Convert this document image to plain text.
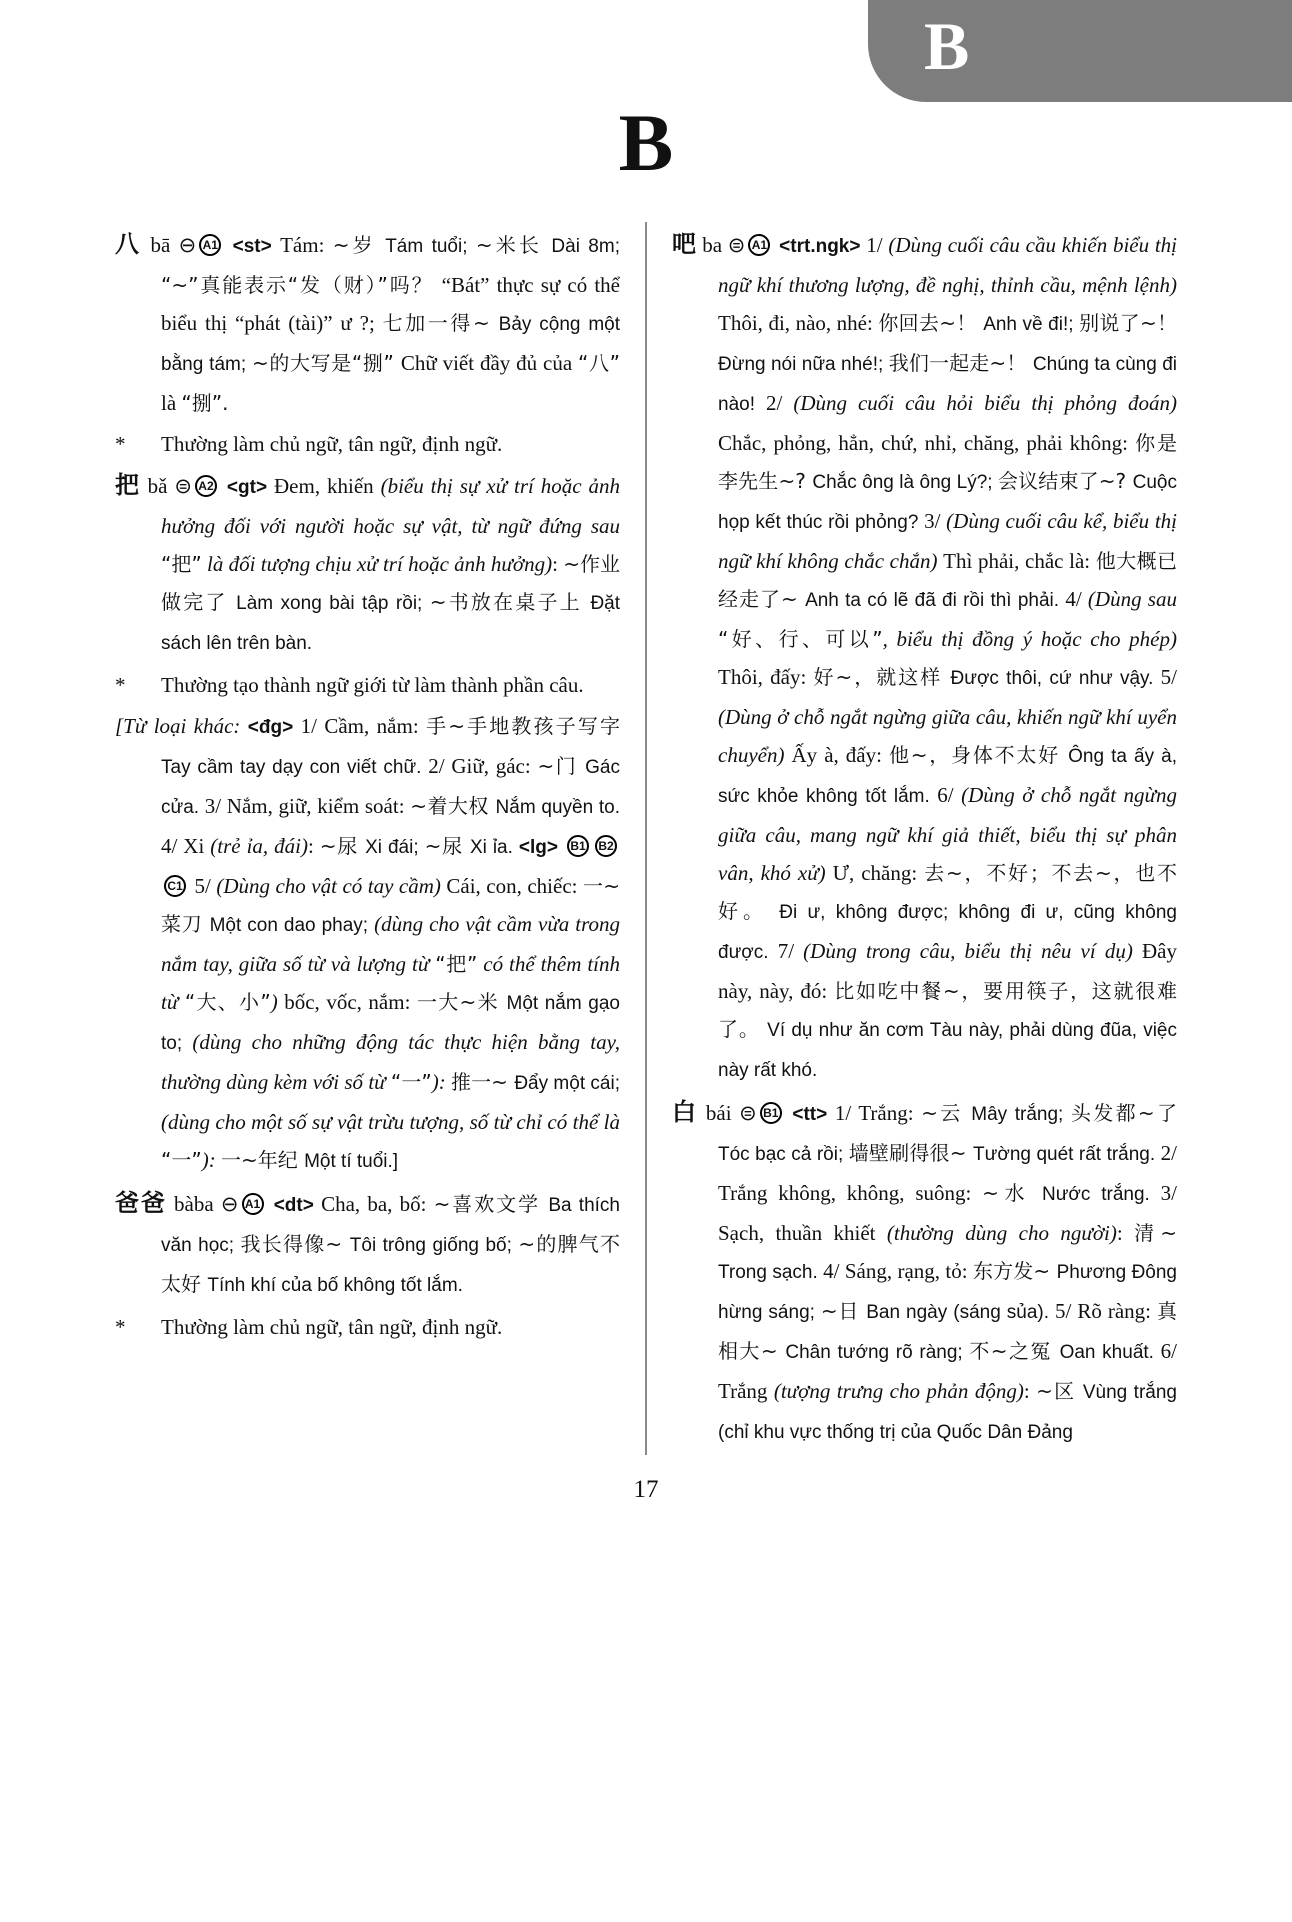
B
B
八 bā ⊖ A1 <st> Tám: ~岁 Tám tuổi; ~米长 Dài 8m; “~”真能表示“发（财）”吗？ “Bát” thực sự có thể biểu thị “phát (tài)” ư ?; 七加一得~ Bảy cộng một bằng tám; ~的大写是“捌” Chữ viết đầy đủ của “八” là “捌”.
* Thường làm chủ ngữ, tân ngữ, định ngữ.
把 bǎ ⊜ A2 <gt> Đem, khiến (biểu thị sự xử trí hoặc ảnh hưởng đối với người hoặc sự vật, từ ngữ đứng sau “把” là đối tượng chịu xử trí hoặc ảnh hưởng): ~作业做完了 Làm xong bài tập rồi; ~书放在桌子上 Đặt sách lên trên bàn.
* Thường tạo thành ngữ giới từ làm thành phần câu.
[Từ loại khác: <đg> 1/ Cầm, nắm: 手~手地教孩子写字 Tay cầm tay dạy con viết chữ. 2/ Giữ, gác: ~门 Gác cửa. 3/ Nắm, giữ, kiểm soát: ~着大权 Nắm quyền to. 4/ Xi (trẻ ỉa, đái): ~尿 Xi đái; ~尿 Xi ỉa. <lg> B1 B2C1 5/ (Dùng cho vật có tay cầm) Cái, con, chiếc: 一~菜刀 Một con dao phay; (dùng cho vật cầm vừa trong nắm tay, giữa số từ và lượng từ “把” có thể thêm tính từ “大、小”) bốc, vốc, nắm: 一大~米 Một nắm gạo to; (dùng cho những động tác thực hiện bằng tay, thường dùng kèm với số từ “一”): 推一~ Đẩy một cái; (dùng cho một số sự vật trừu tượng, số từ chỉ có thể là “一”): 一~年纪 Một tí tuổi.]
爸爸 bàba ⊖ A1 <dt> Cha, ba, bố: ~喜欢文学 Ba thích văn học; 我长得像~ Tôi trông giống bố; ~的脾气不太好 Tính khí của bố không tốt lắm.
* Thường làm chủ ngữ, tân ngữ, định ngữ.
吧 ba ⊜ A1 <trt.ngk> 1/ (Dùng cuối câu cầu khiến biểu thị ngữ khí thương lượng, đề nghị, thỉnh cầu, mệnh lệnh) Thôi, đi, nào, nhé: 你回去~！ Anh về đi!; 别说了~！ Đừng nói nữa nhé!; 我们一起走~！ Chúng ta cùng đi nào! 2/ (Dùng cuối câu hỏi biểu thị phỏng đoán) Chắc, phỏng, hẳn, chứ, nhỉ, chăng, phải không: 你是李先生~? Chắc ông là ông Lý?; 会议结束了~? Cuộc họp kết thúc rồi phỏng? 3/ (Dùng cuối câu kể, biểu thị ngữ khí không chắc chắn) Thì phải, chắc là: 他大概已经走了~ Anh ta có lẽ đã đi rồi thì phải. 4/ (Dùng sau “好、行、可以”, biểu thị đồng ý hoặc cho phép) Thôi, đấy: 好~，就这样 Được thôi, cứ như vậy. 5/ (Dùng ở chỗ ngắt ngừng giữa câu, khiến ngữ khí uyển chuyển) Ấy à, đấy: 他~，身体不太好 Ông ta ấy à, sức khỏe không tốt lắm. 6/ (Dùng ở chỗ ngắt ngừng giữa câu, mang ngữ khí giả thiết, biểu thị sự phân vân, khó xử) Ư, chăng: 去~，不好；不去~，也不好。 Đi ư, không được; không đi ư, cũng không được. 7/ (Dùng trong câu, biểu thị nêu ví dụ) Đây này, này, đó: 比如吃中餐~，要用筷子，这就很难了。 Ví dụ như ăn cơm Tàu này, phải dùng đũa, việc này rất khó.
白 bái ⊜ B1 <tt> 1/ Trắng: ~云 Mây trắng; 头发都~了 Tóc bạc cả rồi; 墙壁刷得很~ Tường quét rất trắng. 2/ Trắng không, không, suông: ~水 Nước trắng. 3/ Sạch, thuần khiết (thường dùng cho người): 清~ Trong sạch. 4/ Sáng, rạng, tỏ: 东方发~ Phương Đông hừng sáng; ~日 Ban ngày (sáng sủa). 5/ Rõ ràng: 真相大~ Chân tướng rõ ràng; 不~之冤 Oan khuất. 6/ Trắng (tượng trưng cho phản động): ~区 Vùng trắng (chỉ khu vực thống trị của Quốc Dân Đảng
17
